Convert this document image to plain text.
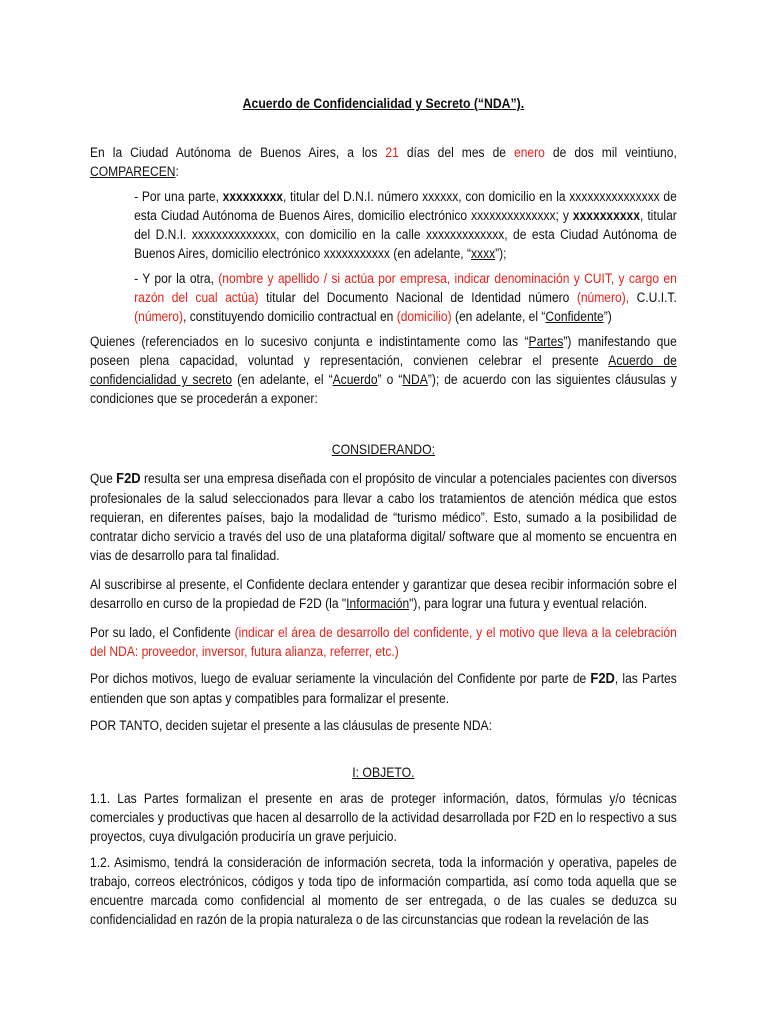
Acuerdo de Confidencialidad y Secreto (“NDA”).

En la Ciudad Autónoma de Buenos Aires, a los 21 días del mes de enero de dos mil veintiuno, COMPARECEN:

- Por una parte, xxxxxxxxx, titular del D.N.I. número xxxxxx, con domicilio en la xxxxxxxxxxxxxxx de esta Ciudad Autónoma de Buenos Aires, domicilio electrónico xxxxxxxxxxxxxx; y xxxxxxxxxx, titular del D.N.I. xxxxxxxxxxxxxx, con domicilio en la calle xxxxxxxxxxxxx, de esta Ciudad Autónoma de Buenos Aires, domicilio electrónico xxxxxxxxxxx (en adelante, “xxxx”);

- Y por la otra, (nombre y apellido / si actúa por empresa, indicar denominación y CUIT, y cargo en razón del cual actúa) titular del Documento Nacional de Identidad número (número), C.U.I.T. (número), constituyendo domicilio contractual en (domicilio) (en adelante, el “Confidente”)

Quienes (referenciados en lo sucesivo conjunta e indistintamente como las “Partes”) manifestando que poseen plena capacidad, voluntad y representación, convienen celebrar el presente Acuerdo de confidencialidad y secreto (en adelante, el “Acuerdo” o “NDA”); de acuerdo con las siguientes cláusulas y condiciones que se procederán a exponer:

CONSIDERANDO:

Que F2D resulta ser una empresa diseñada con el propósito de vincular a potenciales pacientes con diversos profesionales de la salud seleccionados para llevar a cabo los tratamientos de atención médica que estos requieran, en diferentes países, bajo la modalidad de “turismo médico”. Esto, sumado a la posibilidad de contratar dicho servicio a través del uso de una plataforma digital/ software que al momento se encuentra en vias de desarrollo para tal finalidad.

Al suscribirse al presente, el Confidente declara entender y garantizar que desea recibir información sobre el desarrollo en curso de la propiedad de F2D (la "Información"), para lograr una futura y eventual relación.

Por su lado, el Confidente (indicar el área de desarrollo del confidente, y el motivo que lleva a la celebración del NDA: proveedor, inversor, futura alianza, referrer, etc.)

Por dichos motivos, luego de evaluar seriamente la vinculación del Confidente por parte de F2D, las Partes entienden que son aptas y compatibles para formalizar el presente.

POR TANTO, deciden sujetar el presente a las cláusulas de presente NDA:

I: OBJETO.

1.1. Las Partes formalizan el presente en aras de proteger información, datos, fórmulas y/o técnicas comerciales y productivas que hacen al desarrollo de la actividad desarrollada por F2D en lo respectivo a sus proyectos, cuya divulgación produciría un grave perjuicio.

1.2. Asimismo, tendrá la consideración de información secreta, toda la información y operativa, papeles de trabajo, correos electrónicos, códigos y toda tipo de información compartida, así como toda aquella que se encuentre marcada como confidencial al momento de ser entregada, o de las cuales se deduzca su confidencialidad en razón de la propia naturaleza o de las circunstancias que rodean la revelación de las
